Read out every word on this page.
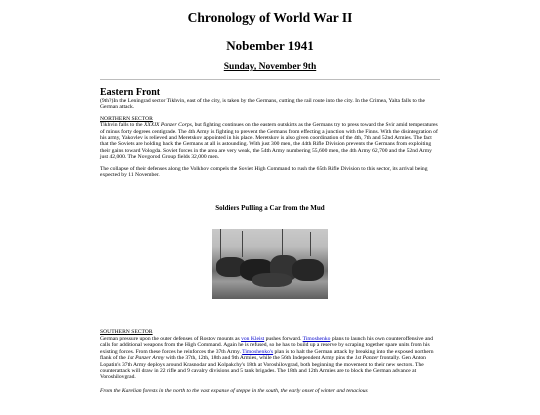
Chronology of World War II
Nobember 1941
Sunday, November 9th
Eastern Front

(9th?)In the Leningrad sector Tikhvin, east of the city, is taken by the Germans, cutting the rail route into the city. In the Crimea, Yalta falls to the German attack.

NORTHERN SECTOR

Tikhvin falls to the XXXIX Panzer Corps, but fighting continues on the eastern outskirts as the Germans try to press toward the Svir amid temperatures of minus forty degrees centigrade. The 4th Army is fighting to prevent the Germans from effecting a junction with the Finns. With the disintegration of his army, Yakovlev is relieved and Meretskov appointed in his place. Meretskov is also given coordination of the 4th, 7th and 52nd Armies. The fact that the Soviets are holding back the Germans at all is astounding. With just 300 men, the 44th Rifle Division prevents the Germans from exploiting their gains toward Vologda. Soviet forces in the area are very weak, the 54th Army numbering 55,600 men, the 4th Army 62,700 and the 52nd Army just 42,000. The Novgorod Group fields 32,000 men.

The collapse of their defenses along the Volkhov compels the Soviet High Command to rush the 65th Rifle Division to this sector, its arrival being expected by 11 November.

Soldiers Pulling a Car from the Mud
SOUTHERN SECTOR

German pressure upon the outer defenses of Rostov mounts as von Kleist pushes forward. Timoshenko plans to launch his own counteroffensive and calls for additional weapons from the High Command. Again he is refused, so he has to build up a reserve by scraping together spare units from his existing forces. From these forces he reinforces the 37th Army. Timoshenko's plan is to halt the German attack by breaking into the exposed northern flank of the 1st Panzer Army with the 37th, 12th, 18th and 9th Armies, while the 56th Independent Army pins the 1st Panzer frontally. Gen Anton Lopatin's 37th Army deploys around Krasnodar and Kolpakchy's 18th at Voroshilovgrad, both beginning the movement to their new sectors. The counterattack will draw in 22 rifle and 9 cavalry divisions and 5 tank brigades. The 18th and 12th Armies are to block the German advance at Voroshilovgrad.

From the Karelian forests in the north to the vast expanse of steppe in the south, the early onset of winter and tenacious
